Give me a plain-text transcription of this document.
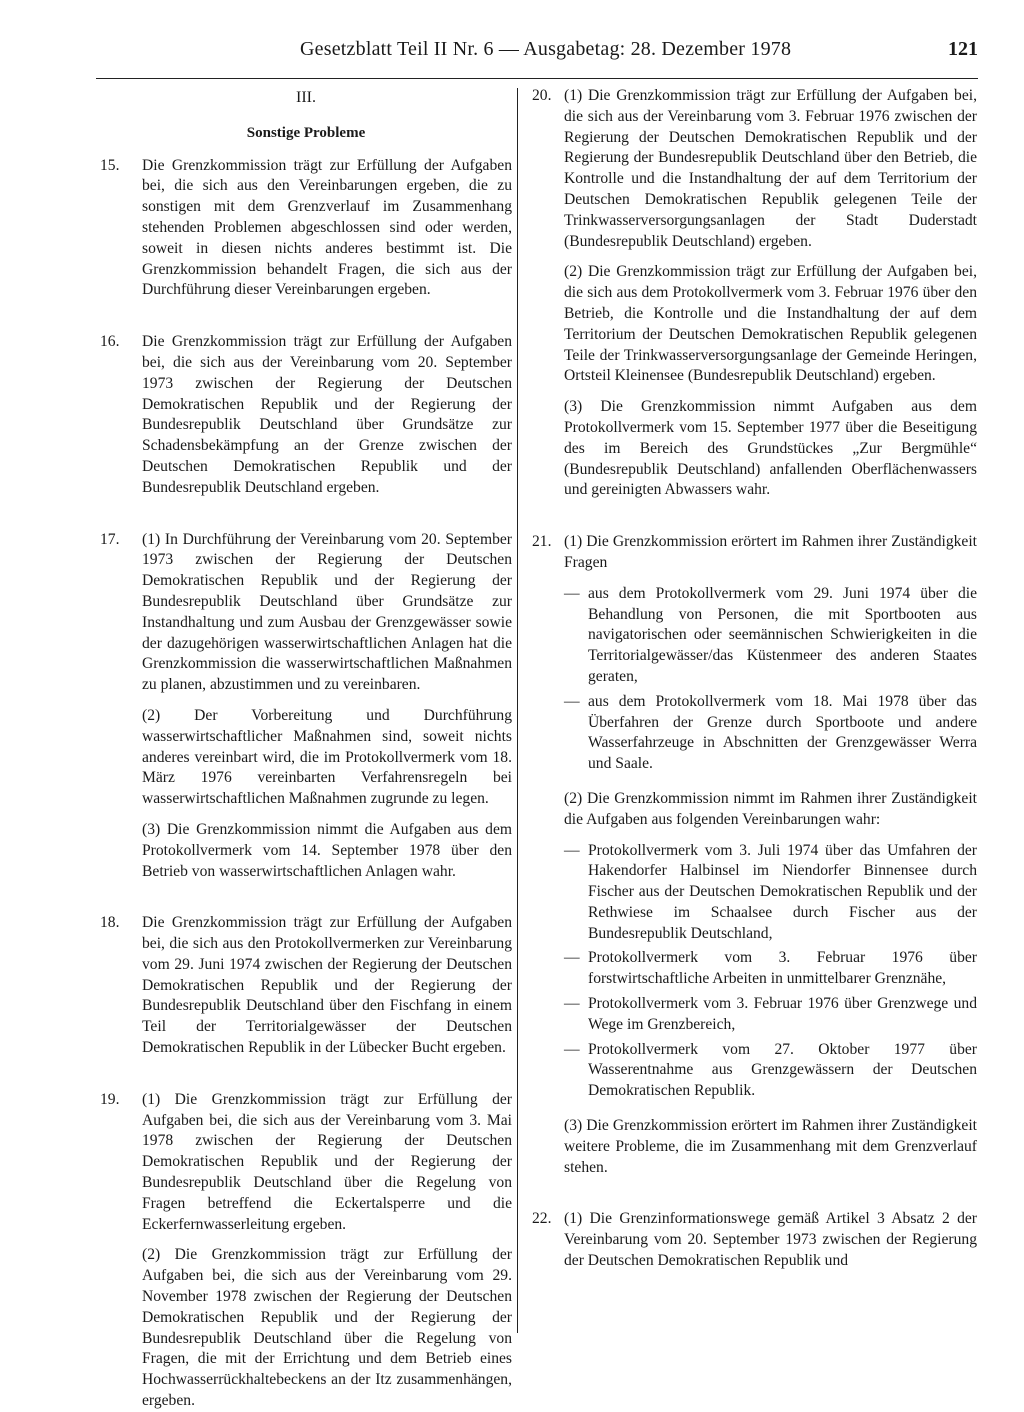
Gesetzblatt Teil II Nr. 6 — Ausgabetag: 28. Dezember 1978	121
III.
Sonstige Probleme
15. Die Grenzkommission trägt zur Erfüllung der Aufgaben bei, die sich aus den Vereinbarungen ergeben, die zu sonstigen mit dem Grenzverlauf im Zusammenhang stehenden Problemen abgeschlossen sind oder werden, soweit in diesen nichts anderes bestimmt ist. Die Grenzkommission behandelt Fragen, die sich aus der Durchführung dieser Vereinbarungen ergeben.

16. Die Grenzkommission trägt zur Erfüllung der Aufgaben bei, die sich aus der Vereinbarung vom 20. September 1973 zwischen der Regierung der Deutschen Demokratischen Republik und der Regierung der Bundesrepublik Deutschland über Grundsätze zur Schadensbekämpfung an der Grenze zwischen der Deutschen Demokratischen Republik und der Bundesrepublik Deutschland ergeben.

17. (1) In Durchführung der Vereinbarung vom 20. September 1973 zwischen der Regierung der Deutschen Demokratischen Republik und der Regierung der Bundesrepublik Deutschland über Grundsätze zur Instandhaltung und zum Ausbau der Grenzgewässer sowie der dazugehörigen wasserwirtschaftlichen Anlagen hat die Grenzkommission die wasserwirtschaftlichen Maßnahmen zu planen, abzustimmen und zu vereinbaren.

(2) Der Vorbereitung und Durchführung wasserwirtschaftlicher Maßnahmen sind, soweit nichts anderes vereinbart wird, die im Protokollvermerk vom 18. März 1976 vereinbarten Verfahrensregeln bei wasserwirtschaftlichen Maßnahmen zugrunde zu legen.

(3) Die Grenzkommission nimmt die Aufgaben aus dem Protokollvermerk vom 14. September 1978 über den Betrieb von wasserwirtschaftlichen Anlagen wahr.

18. Die Grenzkommission trägt zur Erfüllung der Aufgaben bei, die sich aus den Protokollvermerken zur Vereinbarung vom 29. Juni 1974 zwischen der Regierung der Deutschen Demokratischen Republik und der Regierung der Bundesrepublik Deutschland über den Fischfang in einem Teil der Territorialgewässer der Deutschen Demokratischen Republik in der Lübecker Bucht ergeben.

19. (1) Die Grenzkommission trägt zur Erfüllung der Aufgaben bei, die sich aus der Vereinbarung vom 3. Mai 1978 zwischen der Regierung der Deutschen Demokratischen Republik und der Regierung der Bundesrepublik Deutschland über die Regelung von Fragen betreffend die Eckertalsperre und die Eckerfernwasserleitung ergeben.

(2) Die Grenzkommission trägt zur Erfüllung der Aufgaben bei, die sich aus der Vereinbarung vom 29. November 1978 zwischen der Regierung der Deutschen Demokratischen Republik und der Regierung der Bundesrepublik Deutschland über die Regelung von Fragen, die mit der Errichtung und dem Betrieb eines Hochwasserrückhaltebeckens an der Itz zusammenhängen, ergeben.

20. (1) Die Grenzkommission trägt zur Erfüllung der Aufgaben bei, die sich aus der Vereinbarung vom 3. Februar 1976 zwischen der Regierung der Deutschen Demokratischen Republik und der Regierung der Bundesrepublik Deutschland über den Betrieb, die Kontrolle und die Instandhaltung der auf dem Territorium der Deutschen Demokratischen Republik gelegenen Teile der Trinkwasserversorgungsanlagen der Stadt Duderstadt (Bundesrepublik Deutschland) ergeben.

(2) Die Grenzkommission trägt zur Erfüllung der Aufgaben bei, die sich aus dem Protokollvermerk vom 3. Februar 1976 über den Betrieb, die Kontrolle und die Instandhaltung der auf dem Territorium der Deutschen Demokratischen Republik gelegenen Teile der Trinkwasserversorgungsanlage der Gemeinde Heringen, Ortsteil Kleinensee (Bundesrepublik Deutschland) ergeben.

(3) Die Grenzkommission nimmt Aufgaben aus dem Protokollvermerk vom 15. September 1977 über die Beseitigung des im Bereich des Grundstückes „Zur Bergmühle“ (Bundesrepublik Deutschland) anfallenden Oberflächenwassers und gereinigten Abwassers wahr.

21. (1) Die Grenzkommission erörtert im Rahmen ihrer Zuständigkeit Fragen

— aus dem Protokollvermerk vom 29. Juni 1974 über die Behandlung von Personen, die mit Sportbooten aus navigatorischen oder seemännischen Schwierigkeiten in die Territorialgewässer/das Küstenmeer des anderen Staates geraten,
— aus dem Protokollvermerk vom 18. Mai 1978 über das Überfahren der Grenze durch Sportboote und andere Wasserfahrzeuge in Abschnitten der Grenzgewässer Werra und Saale.

(2) Die Grenzkommission nimmt im Rahmen ihrer Zuständigkeit die Aufgaben aus folgenden Vereinbarungen wahr:

— Protokollvermerk vom 3. Juli 1974 über das Umfahren der Hakendorfer Halbinsel im Niendorfer Binnensee durch Fischer aus der Deutschen Demokratischen Republik und der Rethwiese im Schaalsee durch Fischer aus der Bundesrepublik Deutschland,
— Protokollvermerk vom 3. Februar 1976 über forstwirtschaftliche Arbeiten in unmittelbarer Grenznähe,
— Protokollvermerk vom 3. Februar 1976 über Grenzwege und Wege im Grenzbereich,
— Protokollvermerk vom 27. Oktober 1977 über Wasserentnahme aus Grenzgewässern der Deutschen Demokratischen Republik.

(3) Die Grenzkommission erörtert im Rahmen ihrer Zuständigkeit weitere Probleme, die im Zusammenhang mit dem Grenzverlauf stehen.

22. (1) Die Grenzinformationswege gemäß Artikel 3 Absatz 2 der Vereinbarung vom 20. September 1973 zwischen der Regierung der Deutschen Demokratischen Republik und
